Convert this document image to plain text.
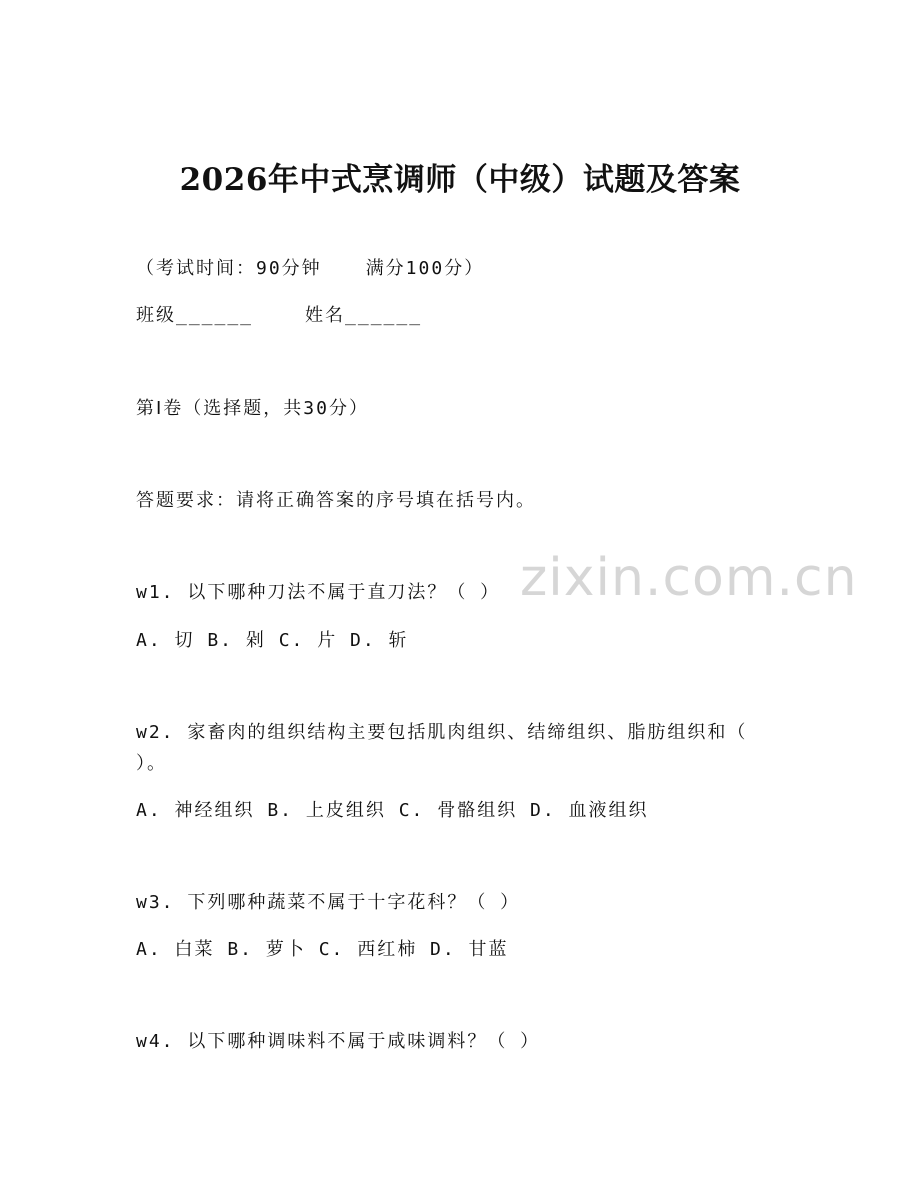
2026年中式烹调师（中级）试题及答案
（考试时间：90分钟 满分100分）
班级______	姓名______
第Ⅰ卷（选择题，共30分）
答题要求：请将正确答案的序号填在括号内。
zixin.com.cn
w1. 以下哪种刀法不属于直刀法？（ ）
A. 切 B. 剁 C. 片 D. 斩
w2. 家畜肉的组织结构主要包括肌肉组织、结缔组织、脂肪组织和（
）。
A. 神经组织 B. 上皮组织 C. 骨骼组织 D. 血液组织
w3. 下列哪种蔬菜不属于十字花科？（ ）
A. 白菜 B. 萝卜 C. 西红柿 D. 甘蓝
w4. 以下哪种调味料不属于咸味调料？（ ）
